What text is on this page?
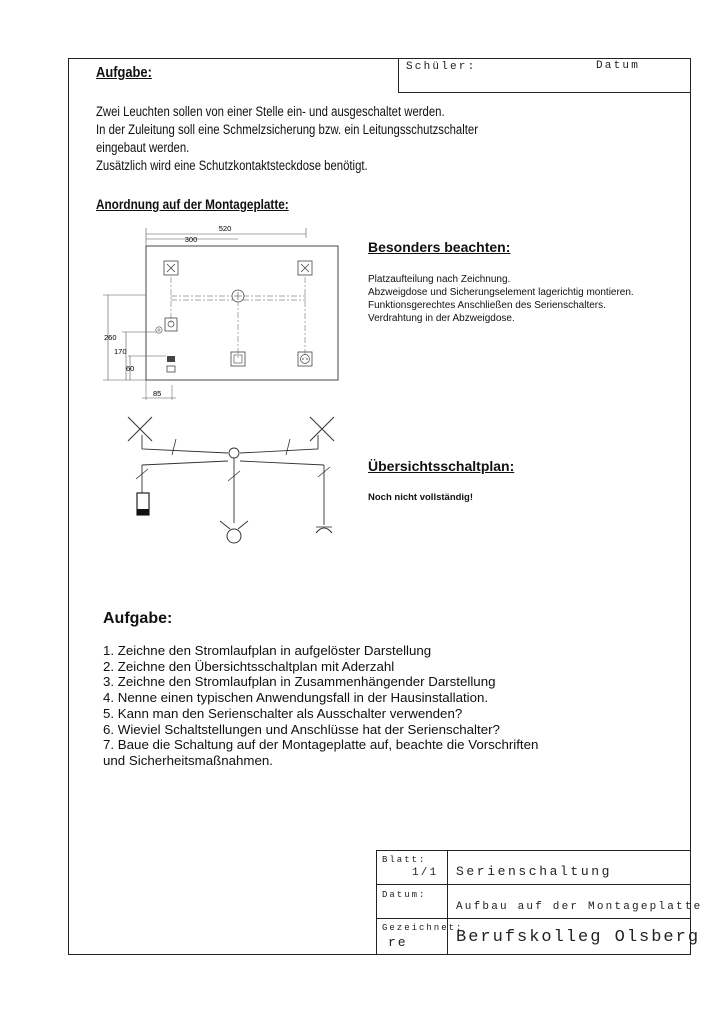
Schüler:	Datum
Aufgabe:

Zwei Leuchten sollen von einer Stelle ein- und ausgeschaltet werden.

In der Zuleitung soll eine Schmelzsicherung bzw. ein Leitungsschutzschalter

eingebaut werden.

Zusätzlich wird eine Schutzkontaktsteckdose benötigt.

Anordnung auf der Montageplatte:
520
300
260
170
60
85
Besonders beachten:
Platzaufteilung nach Zeichnung.
Abzweigdose und Sicherungselement lagerichtig montieren.
Funktionsgerechtes Anschließen des Serienschalters.
Verdrahtung in der Abzweigdose.
Übersichtsschaltplan:
Noch nicht vollständig!
Aufgabe:
1. Zeichne den Stromlaufplan in aufgelöster Darstellung
2. Zeichne den Übersichtsschaltplan mit Aderzahl
3. Zeichne den Stromlaufplan in Zusammenhängender Darstellung
4. Nenne einen typischen Anwendungsfall in der Hausinstallation.
5. Kann man den Serienschalter als Ausschalter verwenden?
6. Wieviel Schaltstellungen und Anschlüsse hat der Serienschalter?
7. Baue die Schaltung auf der Montageplatte auf, beachte die Vorschriften
und Sicherheitsmaßnahmen.
Blatt:
1/1 Serienschaltung
Datum:
Aufbau auf der Montageplatte
Gezeichnet:
re	Berufskolleg Olsberg
